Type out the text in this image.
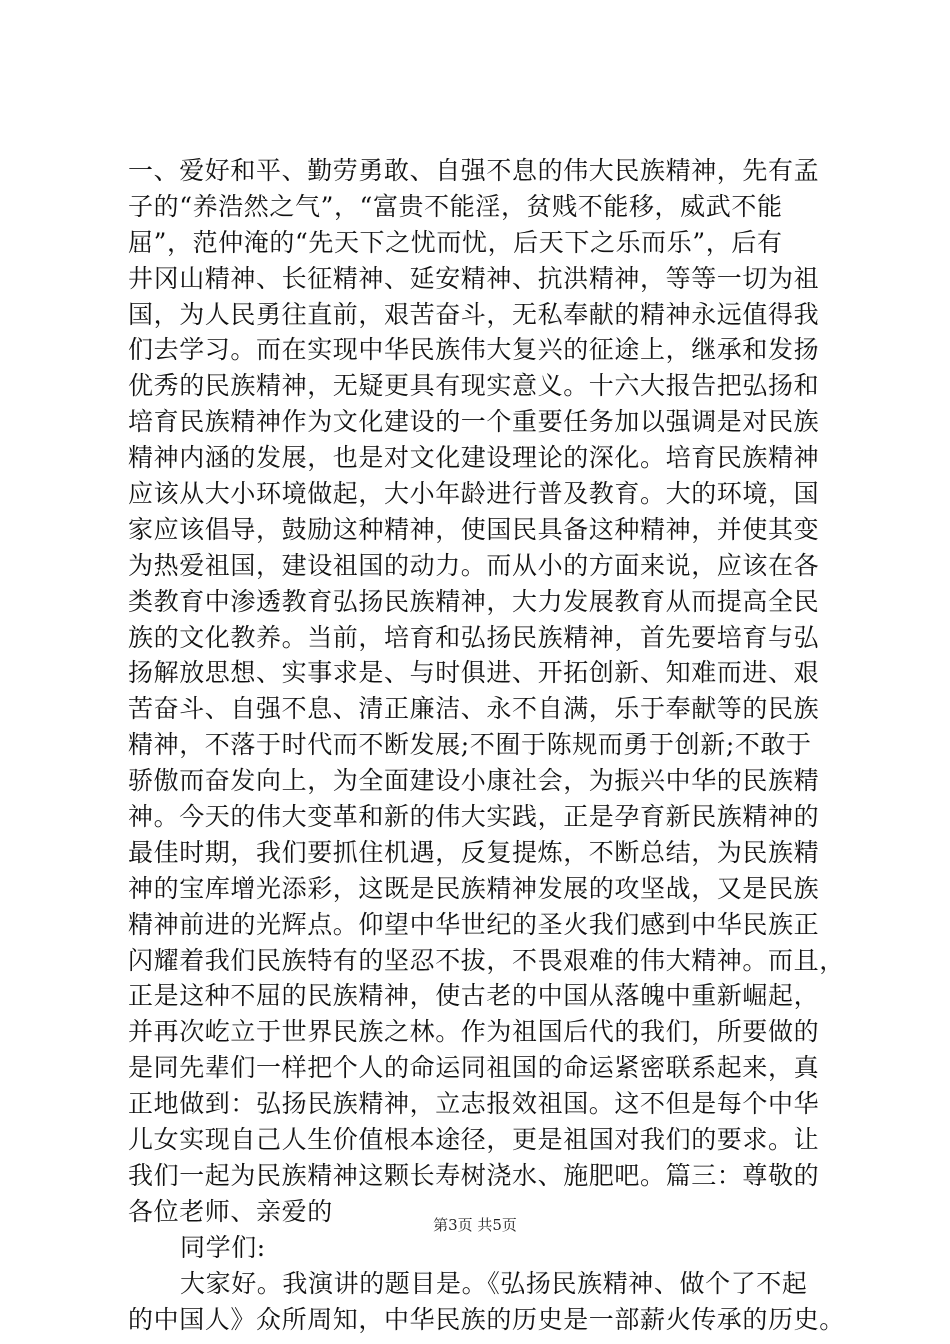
一、爱好和平、勤劳勇敢、自强不息的伟大民族精神，先有孟
子的“养浩然之气”，“富贵不能淫，贫贱不能移，威武不能
屈”，范仲淹的“先天下之忧而忧，后天下之乐而乐”，后有
井冈山精神、长征精神、延安精神、抗洪精神，等等一切为祖
国，为人民勇往直前，艰苦奋斗，无私奉献的精神永远值得我
们去学习。而在实现中华民族伟大复兴的征途上，继承和发扬
优秀的民族精神，无疑更具有现实意义。十六大报告把弘扬和
培育民族精神作为文化建设的一个重要任务加以强调是对民族
精神内涵的发展，也是对文化建设理论的深化。培育民族精神
应该从大小环境做起，大小年龄进行普及教育。大的环境，国
家应该倡导，鼓励这种精神，使国民具备这种精神，并使其变
为热爱祖国，建设祖国的动力。而从小的方面来说，应该在各
类教育中渗透教育弘扬民族精神，大力发展教育从而提高全民
族的文化教养。当前，培育和弘扬民族精神，首先要培育与弘
扬解放思想、实事求是、与时俱进、开拓创新、知难而进、艰
苦奋斗、自强不息、清正廉洁、永不自满，乐于奉献等的民族
精神，不落于时代而不断发展;不囿于陈规而勇于创新;不敢于
骄傲而奋发向上，为全面建设小康社会，为振兴中华的民族精
神。今天的伟大变革和新的伟大实践，正是孕育新民族精神的
最佳时期，我们要抓住机遇，反复提炼，不断总结，为民族精
神的宝库增光添彩，这既是民族精神发展的攻坚战，又是民族
精神前进的光辉点。仰望中华世纪的圣火我们感到中华民族正
闪耀着我们民族特有的坚忍不拔，不畏艰难的伟大精神。而且，
正是这种不屈的民族精神，使古老的中国从落魄中重新崛起，
并再次屹立于世界民族之林。作为祖国后代的我们，所要做的
是同先辈们一样把个人的命运同祖国的命运紧密联系起来，真
正地做到：弘扬民族精神，立志报效祖国。这不但是每个中华
儿女实现自己人生价值根本途径，更是祖国对我们的要求。让
我们一起为民族精神这颗长寿树浇水、施肥吧。篇三：尊敬的
各位老师、亲爱的
同学们:
大家好。我演讲的题目是。《弘扬民族精神、做个了不起
的中国人》众所周知，中华民族的历史是一部薪火传承的历史。
第3页 共5页
